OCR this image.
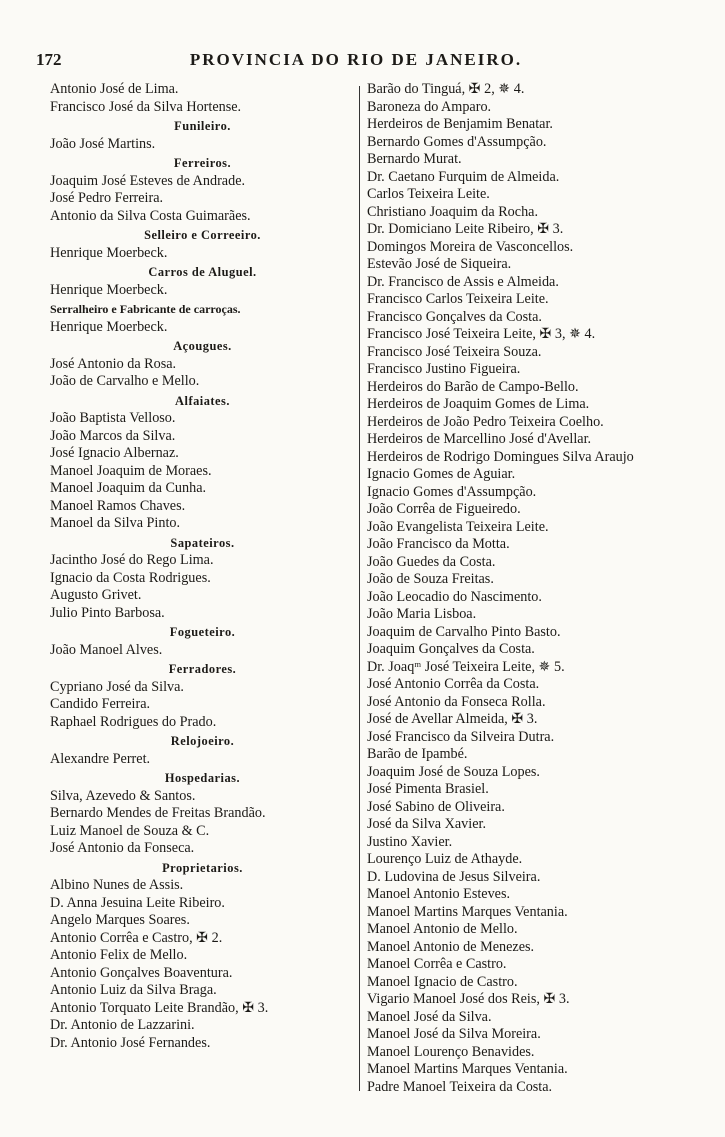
172	PROVINCIA DO RIO DE JANEIRO.
Antonio José de Lima.
Francisco José da Silva Hortense.
Funileiro.
João José Martins.
Ferreiros.
Joaquim José Esteves de Andrade.
José Pedro Ferreira.
Antonio da Silva Costa Guimarães.
Selleiro e Correeiro.
Henrique Moerbeck.
Carros de Aluguel.
Henrique Moerbeck.
Serralheiro e Fabricante de carroças.
Henrique Moerbeck.
Açougues.
José Antonio da Rosa.
João de Carvalho e Mello.
Alfaiates.
João Baptista Velloso.
João Marcos da Silva.
José Ignacio Albernaz.
Manoel Joaquim de Moraes.
Manoel Joaquim da Cunha.
Manoel Ramos Chaves.
Manoel da Silva Pinto.
Sapateiros.
Jacintho José do Rego Lima.
Ignacio da Costa Rodrigues.
Augusto Grivet.
Julio Pinto Barbosa.
Fogueteiro.
João Manoel Alves.
Ferradores.
Cypriano José da Silva.
Candido Ferreira.
Raphael Rodrigues do Prado.
Relojoeiro.
Alexandre Perret.
Hospedarias.
Silva, Azevedo & Santos.
Bernardo Mendes de Freitas Brandão.
Luiz Manoel de Souza & C.
José Antonio da Fonseca.
Proprietarios.
Albino Nunes de Assis.
D. Anna Jesuina Leite Ribeiro.
Angelo Marques Soares.
Antonio Corrêa e Castro, ✠ 2.
Antonio Felix de Mello.
Antonio Gonçalves Boaventura.
Antonio Luiz da Silva Braga.
Antonio Torquato Leite Brandão, ✠ 3.
Dr. Antonio de Lazzarini.
Dr. Antonio José Fernandes.
Barão do Tinguá, ✠ 2, ✵ 4.
Baroneza do Amparo.
Herdeiros de Benjamim Benatar.
Bernardo Gomes d'Assumpção.
Bernardo Murat.
Dr. Caetano Furquim de Almeida.
Carlos Teixeira Leite.
Christiano Joaquim da Rocha.
Dr. Domiciano Leite Ribeiro, ✠ 3.
Domingos Moreira de Vasconcellos.
Estevão José de Siqueira.
Dr. Francisco de Assis e Almeida.
Francisco Carlos Teixeira Leite.
Francisco Gonçalves da Costa.
Francisco José Teixeira Leite, ✠ 3, ✵ 4.
Francisco José Teixeira Souza.
Francisco Justino Figueira.
Herdeiros do Barão de Campo-Bello.
Herdeiros de Joaquim Gomes de Lima.
Herdeiros de João Pedro Teixeira Coelho.
Herdeiros de Marcellino José d'Avellar.
Herdeiros de Rodrigo Domingues Silva Araujo
Ignacio Gomes de Aguiar.
Ignacio Gomes d'Assumpção.
João Corrêa de Figueiredo.
João Evangelista Teixeira Leite.
João Francisco da Motta.
João Guedes da Costa.
João de Souza Freitas.
João Leocadio do Nascimento.
João Maria Lisboa.
Joaquim de Carvalho Pinto Basto.
Joaquim Gonçalves da Costa.
Dr. Joaqᵐ José Teixeira Leite, ✵ 5.
José Antonio Corrêa da Costa.
José Antonio da Fonseca Rolla.
José de Avellar Almeida, ✠ 3.
José Francisco da Silveira Dutra.
Barão de Ipambé.
Joaquim José de Souza Lopes.
José Pimenta Brasiel.
José Sabino de Oliveira.
José da Silva Xavier.
Justino Xavier.
Lourenço Luiz de Athayde.
D. Ludovina de Jesus Silveira.
Manoel Antonio Esteves.
Manoel Martins Marques Ventania.
Manoel Antonio de Mello.
Manoel Antonio de Menezes.
Manoel Corrêa e Castro.
Manoel Ignacio de Castro.
Vigario Manoel José dos Reis, ✠ 3.
Manoel José da Silva.
Manoel José da Silva Moreira.
Manoel Lourenço Benavides.
Manoel Martins Marques Ventania.
Padre Manoel Teixeira da Costa.
